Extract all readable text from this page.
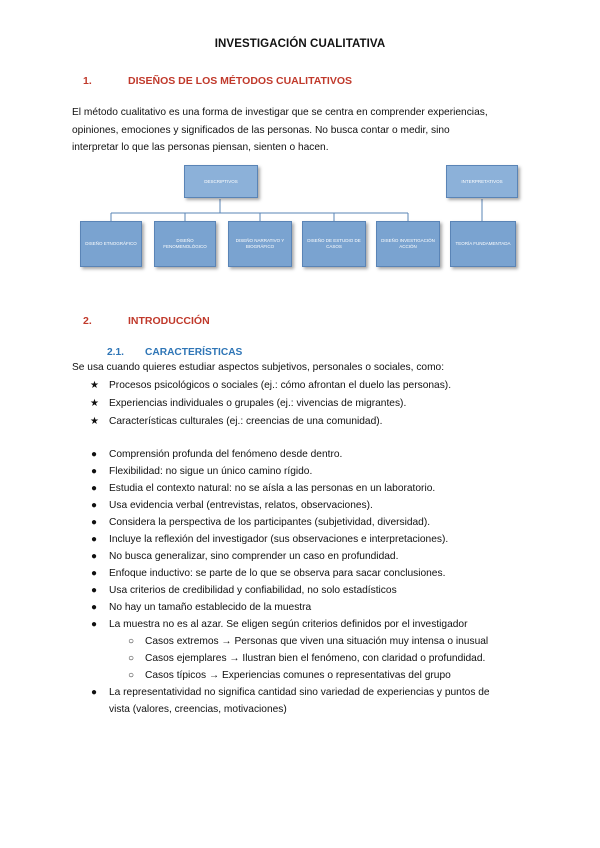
INVESTIGACIÓN CUALITATIVA
1.	DISEÑOS DE LOS MÉTODOS CUALITATIVOS
El método cualitativo es una forma de investigar que se centra en comprender experiencias,
opiniones, emociones y significados de las personas. No busca contar o medir, sino
interpretar lo que las personas piensan, sienten o hacen.
DESCRIPTIVOS	INTERPRETATIVOS
DISEÑO ETNOGRÁFICO
DISEÑO FENOMENOLÓGICO
DISEÑO NARRATIVO Y BIOGRÁFICO
DISEÑO DE ESTUDIO DE CASOS
DISEÑO INVESTIGACIÓN ACCIÓN
TEORÍA FUNDAMENTADA
2.	INTRODUCCIÓN
2.1. CARACTERÍSTICAS
Se usa cuando quieres estudiar aspectos subjetivos, personales o sociales, como:
★ Procesos psicológicos o sociales (ej.: cómo afrontan el duelo las personas).
★ Experiencias individuales o grupales (ej.: vivencias de migrantes).
★ Características culturales (ej.: creencias de una comunidad).
● Comprensión profunda del fenómeno desde dentro.
● Flexibilidad: no sigue un único camino rígido.
● Estudia el contexto natural: no se aísla a las personas en un laboratorio.
● Usa evidencia verbal (entrevistas, relatos, observaciones).
● Considera la perspectiva de los participantes (subjetividad, diversidad).
● Incluye la reflexión del investigador (sus observaciones e interpretaciones).
● No busca generalizar, sino comprender un caso en profundidad.
● Enfoque inductivo: se parte de lo que se observa para sacar conclusiones.
● Usa criterios de credibilidad y confiabilidad, no solo estadísticos
● No hay un tamaño establecido de la muestra
● La muestra no es al azar. Se eligen según criterios definidos por el investigador
○ Casos extremos → Personas que viven una situación muy intensa o inusual
○ Casos ejemplares → Ilustran bien el fenómeno, con claridad o profundidad.
○ Casos típicos → Experiencias comunes o representativas del grupo
● La representatividad no significa cantidad sino variedad de experiencias y puntos de
vista (valores, creencias, motivaciones)
